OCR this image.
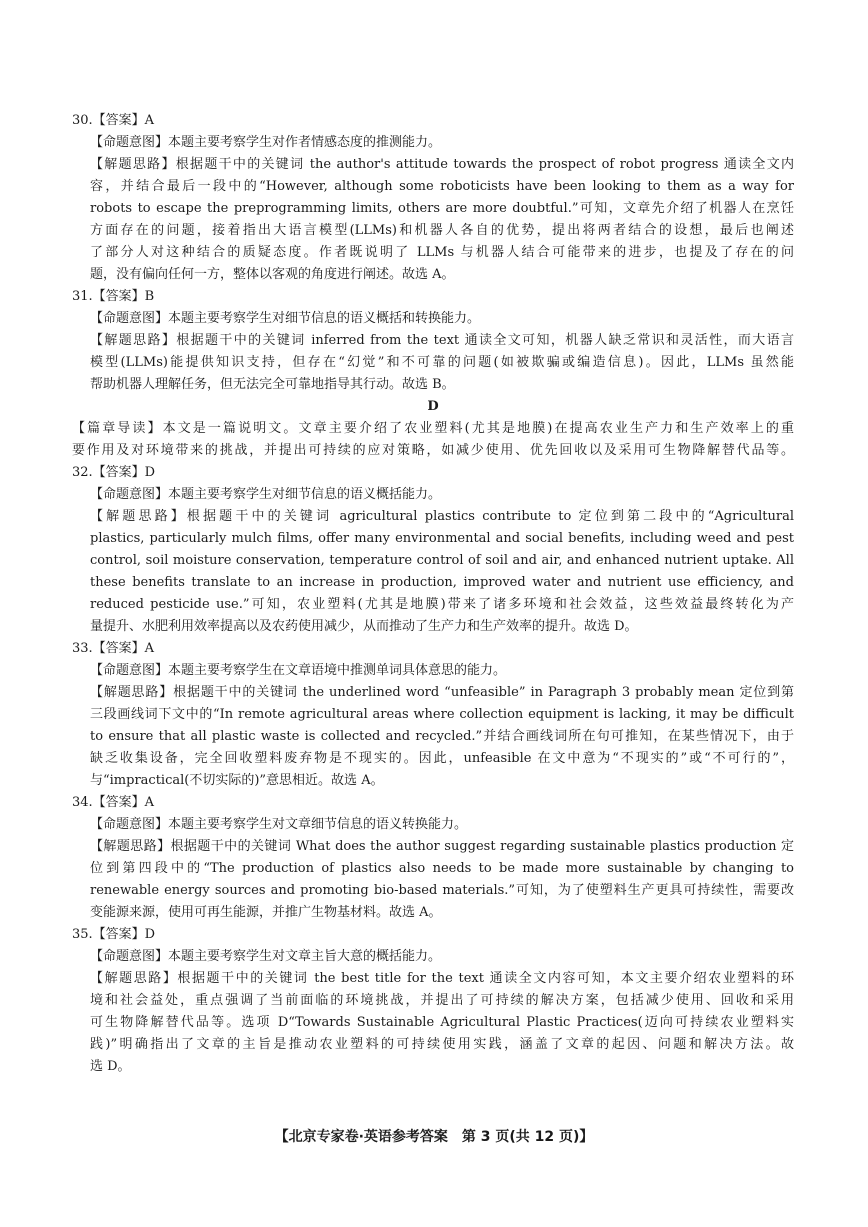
30.【答案】A
【命题意图】本题主要考察学生对作者情感态度的推测能力。
【解题思路】根据题干中的关键词 the author's attitude towards the prospect of robot progress 通读全文内
容，并结合最后一段中的“However, although some roboticists have been looking to them as a way for
robots to escape the preprogramming limits, others are more doubtful.”可知，文章先介绍了机器人在烹饪
方面存在的问题，接着指出大语言模型(LLMs)和机器人各自的优势，提出将两者结合的设想，最后也阐述
了部分人对这种结合的质疑态度。作者既说明了 LLMs 与机器人结合可能带来的进步，也提及了存在的问
题，没有偏向任何一方，整体以客观的角度进行阐述。故选 A。
31.【答案】B
【命题意图】本题主要考察学生对细节信息的语义概括和转换能力。
【解题思路】根据题干中的关键词 inferred from the text 通读全文可知，机器人缺乏常识和灵活性，而大语言
模型(LLMs)能提供知识支持，但存在“幻觉”和不可靠的问题(如被欺骗或编造信息)。因此，LLMs 虽然能
帮助机器人理解任务，但无法完全可靠地指导其行动。故选 B。
D
【篇章导读】本文是一篇说明文。文章主要介绍了农业塑料(尤其是地膜)在提高农业生产力和生产效率上的重
要作用及对环境带来的挑战，并提出可持续的应对策略，如减少使用、优先回收以及采用可生物降解替代品等。
32.【答案】D
【命题意图】本题主要考察学生对细节信息的语义概括能力。
【解题思路】根据题干中的关键词 agricultural plastics contribute to 定位到第二段中的“Agricultural
plastics, particularly mulch films, offer many environmental and social benefits, including weed and pest
control, soil moisture conservation, temperature control of soil and air, and enhanced nutrient uptake. All
these benefits translate to an increase in production, improved water and nutrient use efficiency, and
reduced pesticide use.”可知，农业塑料(尤其是地膜)带来了诸多环境和社会效益，这些效益最终转化为产
量提升、水肥利用效率提高以及农药使用减少，从而推动了生产力和生产效率的提升。故选 D。
33.【答案】A
【命题意图】本题主要考察学生在文章语境中推测单词具体意思的能力。
【解题思路】根据题干中的关键词 the underlined word “unfeasible” in Paragraph 3 probably mean 定位到第
三段画线词下文中的“In remote agricultural areas where collection equipment is lacking, it may be difficult
to ensure that all plastic waste is collected and recycled.”并结合画线词所在句可推知，在某些情况下，由于
缺乏收集设备，完全回收塑料废弃物是不现实的。因此，unfeasible 在文中意为“不现实的”或“不可行的”，
与“impractical(不切实际的)”意思相近。故选 A。
34.【答案】A
【命题意图】本题主要考察学生对文章细节信息的语义转换能力。
【解题思路】根据题干中的关键词 What does the author suggest regarding sustainable plastics production 定
位到第四段中的“The production of plastics also needs to be made more sustainable by changing to
renewable energy sources and promoting bio-based materials.”可知，为了使塑料生产更具可持续性，需要改
变能源来源，使用可再生能源，并推广生物基材料。故选 A。
35.【答案】D
【命题意图】本题主要考察学生对文章主旨大意的概括能力。
【解题思路】根据题干中的关键词 the best title for the text 通读全文内容可知，本文主要介绍农业塑料的环
境和社会益处，重点强调了当前面临的环境挑战，并提出了可持续的解决方案，包括减少使用、回收和采用
可生物降解替代品等。选项 D“Towards Sustainable Agricultural Plastic Practices(迈向可持续农业塑料实
践)”明确指出了文章的主旨是推动农业塑料的可持续使用实践，涵盖了文章的起因、问题和解决方法。故
选 D。
【北京专家卷·英语参考答案　第 3 页(共 12 页)】
